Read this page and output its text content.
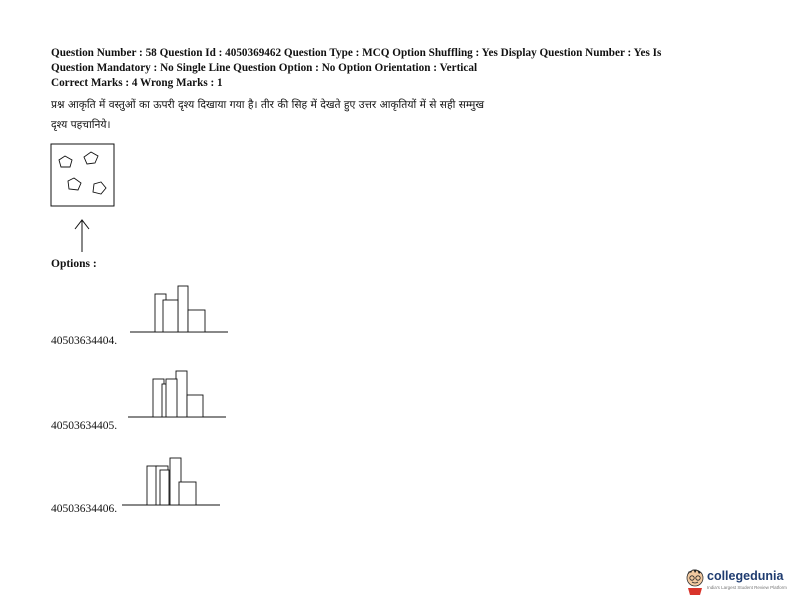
Question Number : 58 Question Id : 4050369462 Question Type : MCQ Option Shuffling : Yes Display Question Number : Yes Is
Question Mandatory : No Single Line Question Option : No Option Orientation : Vertical
Correct Marks : 4 Wrong Marks : 1
प्रश्न आकृति में वस्तुओं का ऊपरी दृश्य दिखाया गया है। तीर की सिह में देखते हुए उत्तर आकृतियों में से सही सम्मुख
दृश्य पहचानिये।
Options :
40503634404.
40503634405.
40503634406.
collegedunia
India's Largest Student Review Platform
